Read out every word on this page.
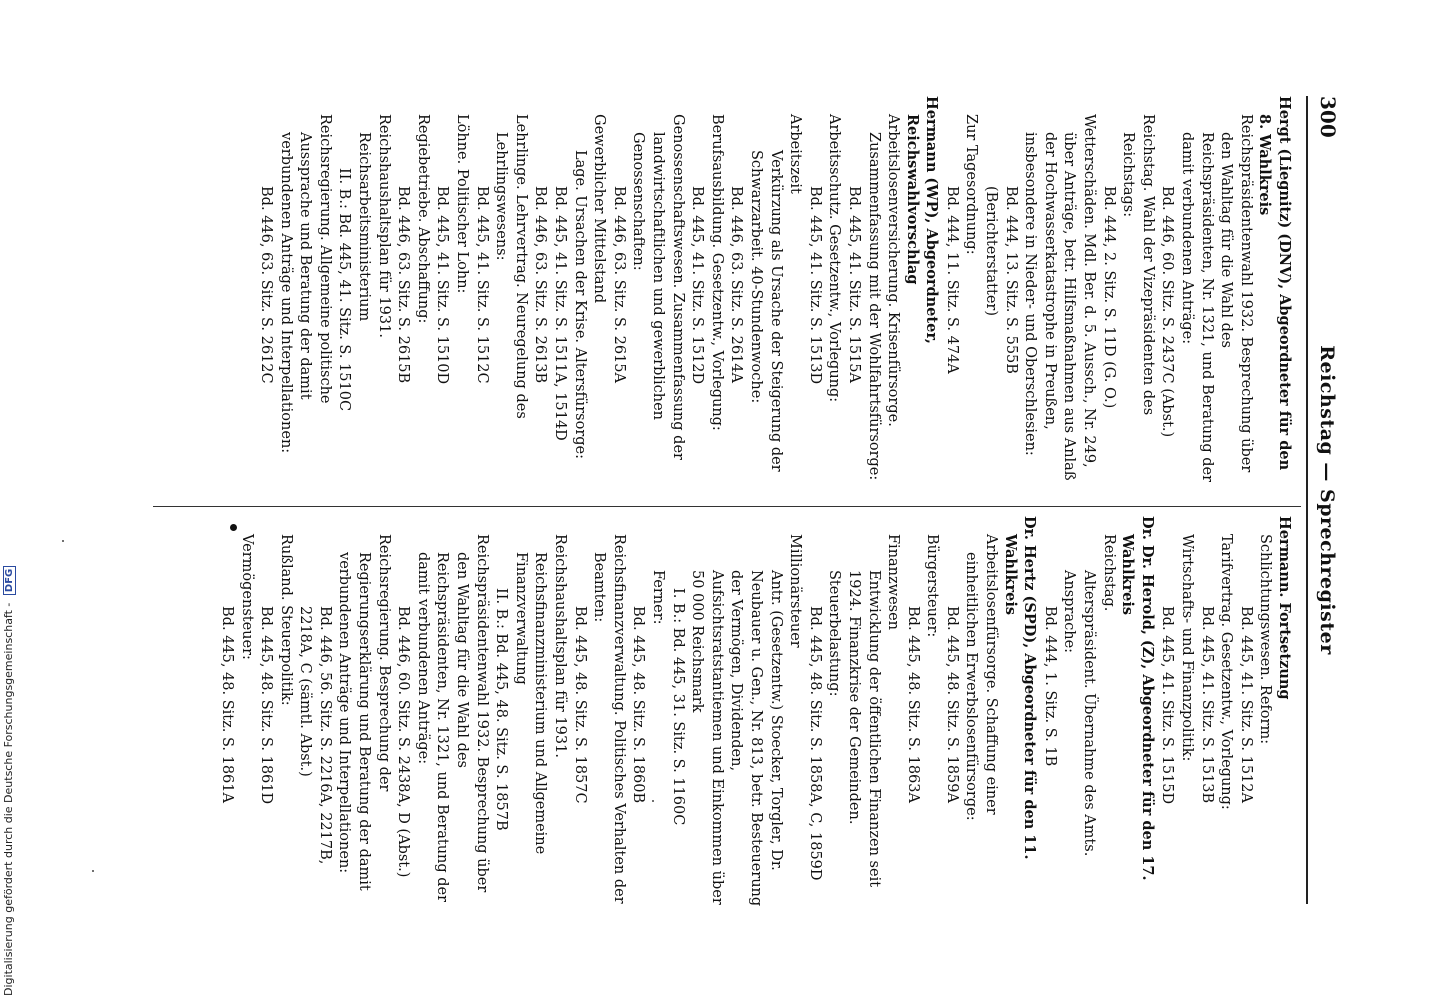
300
Reichstag — Sprechregister

Hergt (Liegnitz) (DNV), Abgeordneter für den 8. Wahlkreis

Reichspräsidentenwahl 1932. Besprechung über den Wahltag für die Wahl des Reichspräsidenten, Nr. 1321, und Beratung der damit verbundenen Anträge:

Bd. 446, 60. Sitz. S. 2437C (Abst.)

Reichstag. Wahl der Vizepräsidenten des Reichstags:

Bd. 444, 2. Sitz. S. 11D (G. O.)

Wetterschäden. Mdl. Ber. d. 5. Aussch., Nr. 249, über Anträge, betr. Hilfsmaßnahmen aus Anlaß der Hochwasserkatastrophe in Preußen, insbesondere in Nieder- und Oberschlesien:

Bd. 444, 13. Sitz. S. 555B (Berichterstatter)

Zur Tagesordnung:

Bd. 444, 11. Sitz. S. 474A

Hermann (WP), Abgeordneter, Reichswahlvorschlag

Arbeitslosenversicherung. Krisenfürsorge. Zusammenfassung mit der Wohlfahrtsfürsorge:

Bd. 445, 41. Sitz. S. 1515A

Arbeitsschutz. Gesetzentw., Vorlegung:

Bd. 445, 41. Sitz. S. 1513D

Arbeitszeit

Verkürzung als Ursache der Steigerung der Schwarzarbeit. 40-Stundenwoche:

Bd. 446, 63. Sitz. S. 2614A

Berufsausbildung. Gesetzentw., Vorlegung:

Bd. 445, 41. Sitz. S. 1512D

Genossenschaftswesen. Zusammenfassung der landwirtschaftlichen und gewerblichen Genossenschaften:

Bd. 446, 63. Sitz. S. 2615A

Gewerblicher Mittelstand

Lage. Ursachen der Krise. Altersfürsorge:

Bd. 445, 41. Sitz. S. 1511A, 1514D

Bd. 446, 63. Sitz. S. 2613B

Lehrlinge. Lehrvertrag. Neuregelung des Lehrlingswesens:

Bd. 445, 41. Sitz. S. 1512C

Löhne. Politischer Lohn:

Bd. 445, 41. Sitz. S. 1510D

Regiebetriebe. Abschaffung:

Bd. 446, 63. Sitz. S. 2615B

Reichshaushaltsplan für 1931. Reichsarbeitsministerium

II. B.: Bd. 445, 41. Sitz. S. 1510C

Reichsregierung. Allgemeine politische Aussprache und Beratung der damit verbundenen Anträge und Interpellationen:

Bd. 446, 63. Sitz. S. 2612C

Hermann. Fortsetzung

Schlichtungswesen. Reform:

Bd. 445, 41. Sitz. S. 1512A

Tarifvertrag. Gesetzentw., Vorlegung:

Bd. 445, 41. Sitz. S. 1513B

Wirtschafts- und Finanzpolitik:

Bd. 445, 41. Sitz. S. 1515D

Dr. Dr. Herold, (Z), Abgeordneter für den 17. Wahlkreis

Reichstag.

Alterspräsident. Übernahme des Amts. Ansprache:

Bd. 444, 1. Sitz. S. 1B

Dr. Hertz (SPD), Abgeordneter für den 11. Wahlkreis

Arbeitslosenfürsorge. Schaffung einer einheitlichen Erwerbslosenfürsorge:

Bd. 445, 48. Sitz. S. 1859A

Bürgersteuer:

Bd. 445, 48. Sitz. S. 1863A

Finanzwesen

Entwicklung der öffentlichen Finanzen seit 1924. Finanzkrise der Gemeinden. Steuerbelastung:

Bd. 445, 48. Sitz. S. 1858A, C, 1859D

Millionärsteuer

Antr. (Gesetzentw.) Stoecker, Torgler, Dr. Neubauer u. Gen., Nr. 813, betr. Besteuerung der Vermögen, Dividenden, Aufsichtsratstantiemen und Einkommen über 50 000 Reichsmark

I. B.: Bd. 445, 31. Sitz. S. 1160C

Ferner:

Bd. 445, 48. Sitz. S. 1860B

Reichsfinanzverwaltung. Politisches Verhalten der Beamten:

Bd. 445, 48. Sitz. S. 1857C

Reichshaushaltsplan für 1931. Reichsfinanzministerium und Allgemeine Finanzverwaltung

II. B.: Bd. 445, 48. Sitz. S. 1857B

Reichspräsidentenwahl 1932. Besprechung über den Wahltag für die Wahl des Reichspräsidenten, Nr. 1321, und Beratung der damit verbundenen Anträge:

Bd. 446, 60. Sitz. S. 2438A, D (Abst.)

Reichsregierung. Besprechung der Regierungserklärung und Beratung der damit verbundenen Anträge und Interpellationen:

Bd. 446, 56. Sitz. S. 2216A, 2217B, 2218A, C (sämtl. Abst.)

Rußland. Steuerpolitik:

Bd. 445, 48. Sitz. S. 1861D

Vermögensteuer:

Bd. 445, 48. Sitz. S. 1861A

Digitalisierung gefördert durch die Deutsche Forschungsgemeinschaft - DFG
